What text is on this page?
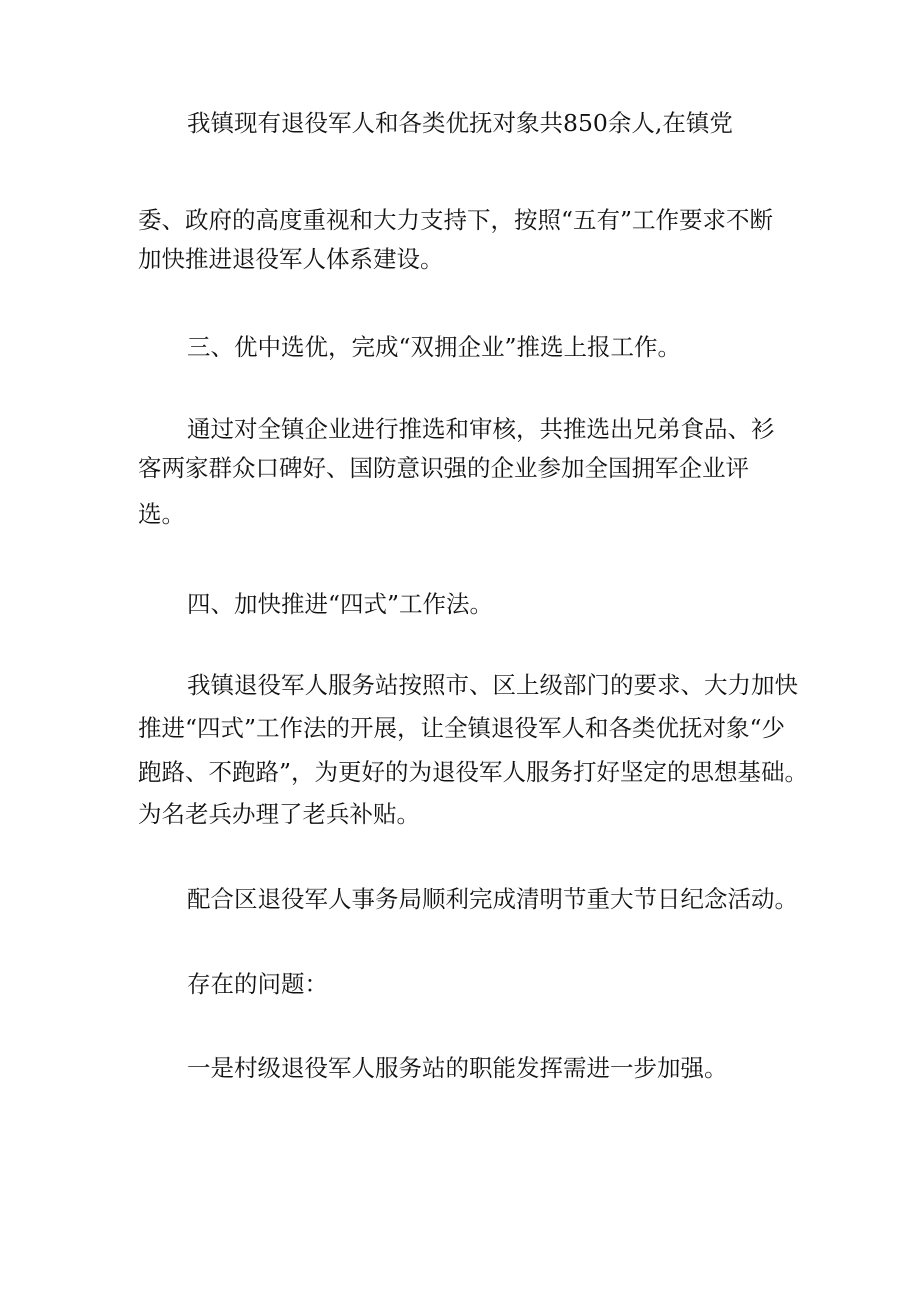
我镇现有退役军人和各类优抚对象共850余人,在镇党
委、政府的高度重视和大力支持下，按照“五有”工作要求不断
加快推进退役军人体系建设。
三、优中选优，完成“双拥企业”推选上报工作。
通过对全镇企业进行推选和审核，共推选出兄弟食品、衫
客两家群众口碑好、国防意识强的企业参加全国拥军企业评
选。
四、加快推进“四式”工作法。
我镇退役军人服务站按照市、区上级部门的要求、大力加快
推进“四式”工作法的开展，让全镇退役军人和各类优抚对象“少
跑路、不跑路”，为更好的为退役军人服务打好坚定的思想基础。
为名老兵办理了老兵补贴。
配合区退役军人事务局顺利完成清明节重大节日纪念活动。
存在的问题：
一是村级退役军人服务站的职能发挥需进一步加强。
